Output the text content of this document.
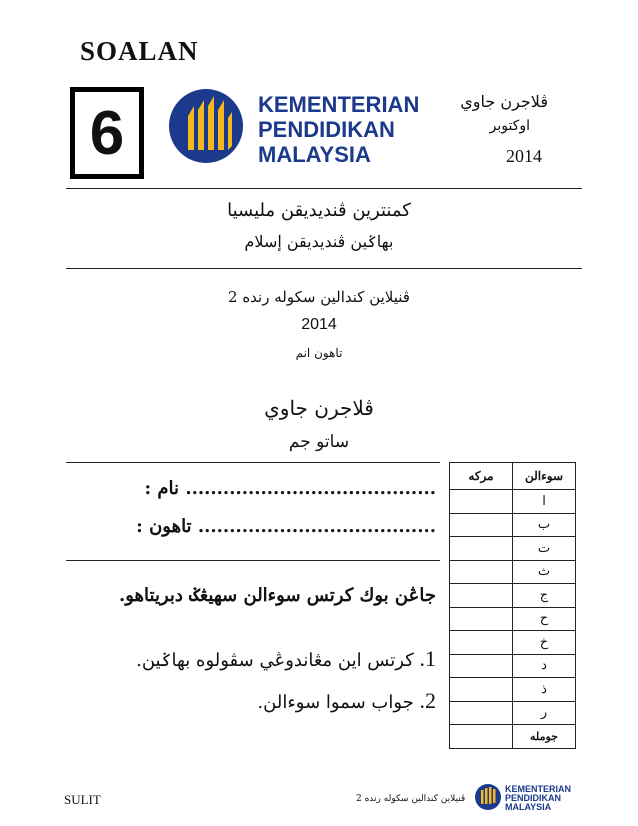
SOALAN
6	KEMENTERIAN
PENDIDIKAN
MALAYSIA
ڤلاجرن جاوي
اوكتوبر
2014
كمنترين ڤنديديقن مليسيا
بهاݢين ڤنديديقن إسلام
ڤنيلاين كندالين سكوله رنده 2
2014
تاهون انم
ڤلاجرن جاوي
ساتو جم
نام : ........................................
تاهون : ......................................
جاڠن بوك كرتس سوءالن سهيڠݢ دبريتاهو.
1. كرتس اين مڠاندوڠي سڤولوه بهاݢين.
2. جواب سموا سوءالن.
مركه	سوءالن
	ا
	ب
	ت
	ث
	ج
	ح
	خ
	د
	ذ
	ر
	جومله
SULIT	ڤنيلاين كندالين سكوله رنده 2
KEMENTERIAN
PENDIDIKAN
MALAYSIA
